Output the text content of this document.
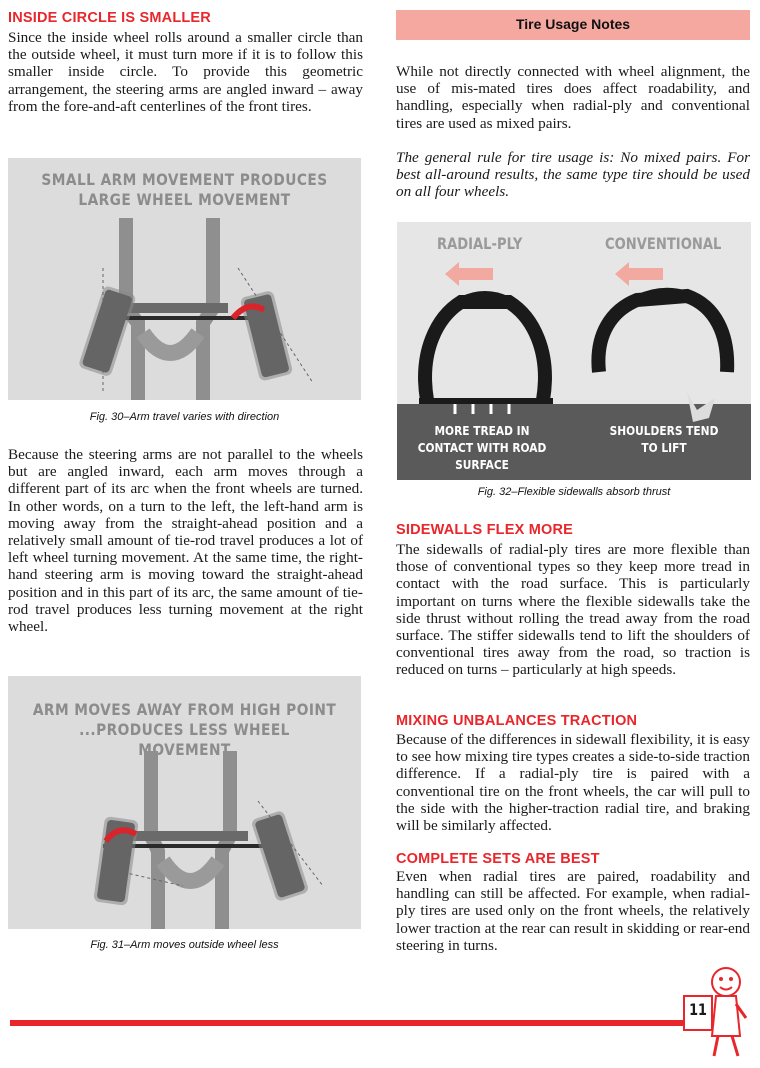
INSIDE CIRCLE IS SMALLER

Since the inside wheel rolls around a smaller circle than the outside wheel, it must turn more if it is to follow this smaller inside circle. To provide this geometric arrangement, the steering arms are angled inward – away from the fore-and-aft centerlines of the front tires.

SMALL ARM MOVEMENT PRODUCES
LARGE WHEEL MOVEMENT
Fig. 30–Arm travel varies with direction

Because the steering arms are not parallel to the wheels but are angled inward, each arm moves through a different part of its arc when the front wheels are turned. In other words, on a turn to the left, the left-hand arm is moving away from the straight-ahead position and a relatively small amount of tie-rod travel produces a lot of left wheel turning movement. At the same time, the right-hand steering arm is moving toward the straight-ahead position and in this part of its arc, the same amount of tie-rod travel produces less turning movement at the right wheel.

ARM MOVES AWAY FROM HIGH POINT
...PRODUCES LESS WHEEL MOVEMENT
Fig. 31–Arm moves outside wheel less
Tire Usage Notes

While not directly connected with wheel alignment, the use of mis-mated tires does affect roadability, and handling, especially when radial-ply and conventional tires are used as mixed pairs.

The general rule for tire usage is: No mixed pairs. For best all-around results, the same type tire should be used on all four wheels.

RADIAL-PLY	CONVENTIONAL
MORE TREAD IN
CONTACT WITH ROAD
SURFACE
SHOULDERS TEND
TO LIFT
Fig. 32–Flexible sidewalls absorb thrust
SIDEWALLS FLEX MORE

The sidewalls of radial-ply tires are more flexible than those of conventional types so they keep more tread in contact with the road surface. This is particularly important on turns where the flexible sidewalls take the side thrust without rolling the tread away from the road surface. The stiffer sidewalls tend to lift the shoulders of conventional tires away from the road, so traction is reduced on turns – particularly at high speeds.

MIXING UNBALANCES TRACTION

Because of the differences in sidewall flexibility, it is easy to see how mixing tire types creates a side-to-side traction difference. If a radial-ply tire is paired with a conventional tire on the front wheels, the car will pull to the side with the higher-traction radial tire, and braking will be similarly affected.

COMPLETE SETS ARE BEST

Even when radial tires are paired, roadability and handling can still be affected. For example, when radial-ply tires are used only on the front wheels, the relatively lower traction at the rear can result in skidding or rear-end steering in turns.

11
